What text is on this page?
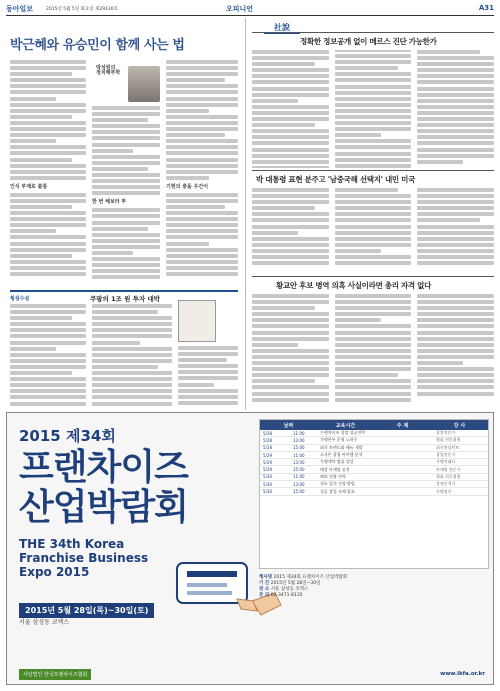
동아일보	2015년 5월 5일 화요일 제29130호	오피니언	A31
박근혜와 유승민이 함께 사는 법
인식 부재로 불통
박성원의
정치해부학
한 번 해보라 투
기현의 충돌 우간이
횡설수설	쿠팡의 1조 원 투자 대박
社說
정확한 정보공개 없이 메르스 진단 가능한가
박 대통령 표현 분주고 '남중국해 선택지' 내민 미국
황교안 후보 병역 의혹 사실이라면 총리 자격 없다
2015 제34회
프랜차이즈
산업박람회
THE 34th Korea
Franchise Business
Expo 2015
2015년 5월 28일(목)~30일(토)
서울 삼성동 코엑스
날짜	교육시간	주 제	강 사
5/28	11:00	프랜차이즈 창업 성공전략	창업전문가
5/28	13:00	가맹본부 운영 노하우	협회 전문위원
5/28	15:00	외식 트렌드와 메뉴 개발	외식컨설턴트
5/29	11:00	소자본 창업 아이템 분석	창업전문가
5/29	13:00	가맹계약 법률 상담	가맹거래사
5/29	15:00	매장 마케팅 실전	마케팅 전문가
5/30	11:00	해외 진출 전략	협회 전문위원
5/30	13:00	점포 입지 선정 방법	상권분석가
5/30	15:00	성공 창업 사례 발표	가맹점주
행사명 2015 제34회 프랜차이즈 산업박람회
기 간 2015년 5월 28일~30일
장 소 서울 삼성동 코엑스
문 의 02-3471-8135
사단법인 한국프랜차이즈협회	www.ikfa.or.kr
